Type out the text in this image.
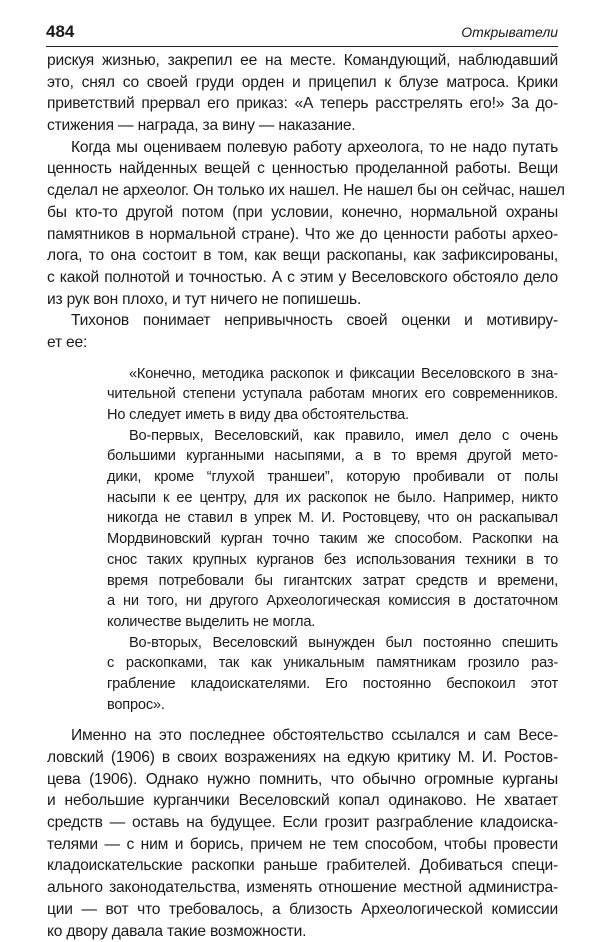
484	Открыватели
рискуя жизнью, закрепил ее на месте. Командующий, наблюдавший
это, снял со своей груди орден и прицепил к блузе матроса. Крики
приветствий прервал его приказ: «А теперь расстрелять его!» За до-
стижения — награда, за вину — наказание.
Когда мы оцениваем полевую работу археолога, то не надо путать
ценность найденных вещей с ценностью проделанной работы. Вещи
сделал не археолог. Он только их нашел. Не нашел бы он сейчас, нашел
бы кто-то другой потом (при условии, конечно, нормальной охраны
памятников в нормальной стране). Что же до ценности работы архео-
лога, то она состоит в том, как вещи раскопаны, как зафиксированы,
с какой полнотой и точностью. А с этим у Веселовского обстояло дело
из рук вон плохо, и тут ничего не попишешь.
Тихонов понимает непривычность своей оценки и мотивиру-
ет ее:
«Конечно, методика раскопок и фиксации Веселовского в зна-
чительной степени уступала работам многих его современников.
Но следует иметь в виду два обстоятельства.
Во-первых, Веселовский, как правило, имел дело с очень
большими курганными насыпями, а в то время другой мето-
дики, кроме “глухой траншеи”, которую пробивали от полы
насыпи к ее центру, для их раскопок не было. Например, никто
никогда не ставил в упрек М. И. Ростовцеву, что он раскапывал
Мордвиновский курган точно таким же способом. Раскопки на
снос таких крупных курганов без использования техники в то
время потребовали бы гигантских затрат средств и времени,
а ни того, ни другого Археологическая комиссия в достаточном
количестве выделить не могла.
Во-вторых, Веселовский вынужден был постоянно спешить
с раскопками, так как уникальным памятникам грозило раз-
грабление кладоискателями. Его постоянно беспокоил этот
вопрос».
Именно на это последнее обстоятельство ссылался и сам Весе-
ловский (1906) в своих возражениях на едкую критику М. И. Ростов-
цева (1906). Однако нужно помнить, что обычно огромные курганы
и небольшие курганчики Веселовский копал одинаково. Не хватает
средств — оставь на будущее. Если грозит разграбление кладоиска-
телями — с ним и борись, причем не тем способом, чтобы провести
кладоискательские раскопки раньше грабителей. Добиваться специ-
ального законодательства, изменять отношение местной администра-
ции — вот что требовалось, а близость Археологической комиссии
ко двору давала такие возможности.
